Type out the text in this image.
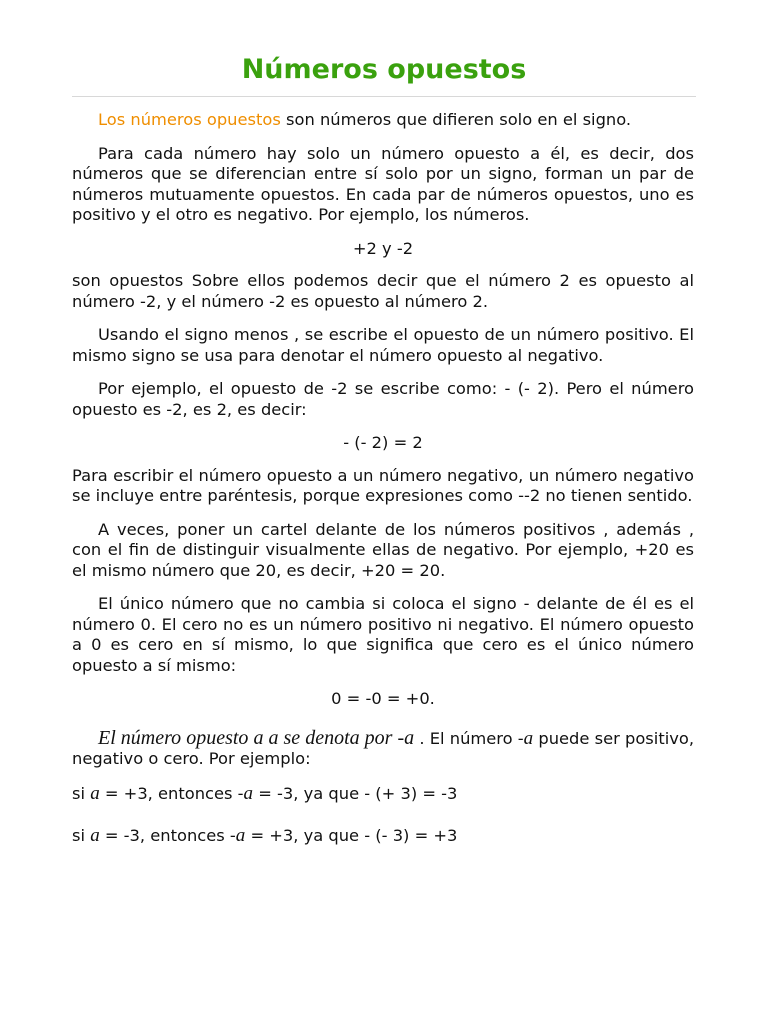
Números opuestos

Los números opuestos son números que difieren solo en el signo.

Para cada número hay solo un número opuesto a él, es decir, dos números que se diferencian entre sí solo por un signo, forman un par de números mutuamente opuestos. En cada par de números opuestos, uno es positivo y el otro es negativo. Por ejemplo, los números.

+2 y -2

son opuestos Sobre ellos podemos decir que el número 2 es opuesto al número -2, y el número -2 es opuesto al número 2.

Usando el signo menos , se escribe el opuesto de un número positivo. El mismo signo se usa para denotar el número opuesto al negativo.

Por ejemplo, el opuesto de -2 se escribe como: - (- 2). Pero el número opuesto es -2, es 2, es decir:

- (- 2) = 2

Para escribir el número opuesto a un número negativo, un número negativo se incluye entre paréntesis, porque expresiones como --2 no tienen sentido.

A veces, poner un cartel delante de los números positivos , además , con el fin de distinguir visualmente ellas de negativo. Por ejemplo, +20 es el mismo número que 20, es decir, +20 = 20.

El único número que no cambia si coloca el signo - delante de él es el número 0. El cero no es un número positivo ni negativo. El número opuesto a 0 es cero en sí mismo, lo que significa que cero es el único número opuesto a sí mismo:

0 = -0 = +0.

El número opuesto a a se denota por -a . El número -a puede ser positivo, negativo o cero. Por ejemplo:

si a = +3, entonces -a = -3, ya que - (+ 3) = -3

si a = -3, entonces -a = +3, ya que - (- 3) = +3
